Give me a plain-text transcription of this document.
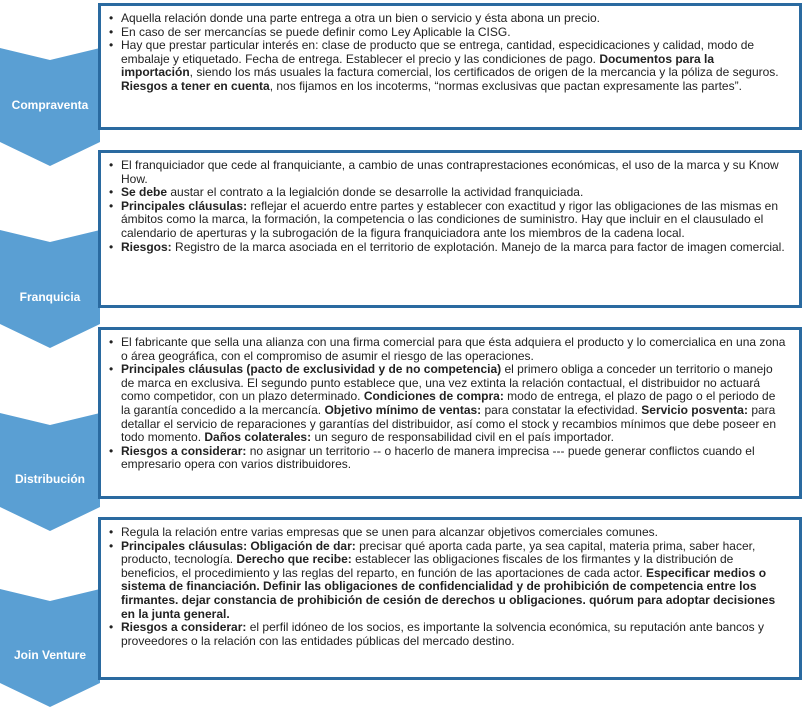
Compraventa
• Aquella relación donde una parte entrega a otra un bien o servicio y ésta abona un precio.
• En caso de ser mercancías se puede definir como Ley Aplicable la CISG.
• Hay que prestar particular interés en: clase de producto que se entrega, cantidad, especidicaciones y calidad, modo de embalaje y etiquetado. Fecha de entrega. Establecer el precio y las condiciones de pago. Documentos para la importación, siendo los más usuales la factura comercial, los certificados de origen de la mercancia y la póliza de seguros. Riesgos a tener en cuenta, nos fijamos en los incoterms, “normas exclusivas que pactan expresamente las partes”.
Franquicia
• El franquiciador que cede al franquiciante, a cambio de unas contraprestaciones económicas, el uso de la marca y su Know How.
• Se debe austar el contrato a la legialción donde se desarrolle la actividad franquiciada.
• Principales cláusulas: reflejar el acuerdo entre partes y establecer con exactitud y rigor las obligaciones de las mismas en ámbitos como la marca, la formación, la competencia o las condiciones de suministro. Hay que incluir en el clausulado el calendario de aperturas y la subrogación de la figura franquiciadora ante los miembros de la cadena local.
• Riesgos: Registro de la marca asociada en el territorio de explotación. Manejo de la marca para factor de imagen comercial.
Distribución
• El fabricante que sella una alianza con una firma comercial para que ésta adquiera el producto y lo comercialica en una zona o área geográfica, con el compromiso de asumir el riesgo de las operaciones.
• Principales cláusulas (pacto de exclusividad y de no competencia) el primero obliga a conceder un territorio o manejo de marca en exclusiva. El segundo punto establece que, una vez extinta la relación contactual, el distribuidor no actuará como competidor, con un plazo determinado. Condiciones de compra: modo de entrega, el plazo de pago o el periodo de la garantía concedido a la mercancía. Objetivo mínimo de ventas: para constatar la efectividad. Servicio posventa: para detallar el servicio de reparaciones y garantías del distribuidor, así como el stock y recambios mínimos que debe poseer en todo momento. Daños colaterales: un seguro de responsabilidad civil en el país importador.
• Riesgos a considerar: no asignar un territorio -- o hacerlo de manera imprecisa --- puede generar conflictos cuando el empresario opera con varios distribuidores.
Join Venture
• Regula la relación entre varias empresas que se unen para alcanzar objetivos comerciales comunes.
• Principales cláusulas: Obligación de dar: precisar qué aporta cada parte, ya sea capital, materia prima, saber hacer, producto, tecnología. Derecho que recibe: establecer las obligaciones fiscales de los firmantes y la distribución de beneficios, el procedimiento y las reglas del reparto, en función de las aportaciones de cada actor. Especificar medios o sistema de financiación. Definir las obligaciones de confidencialidad y de prohibición de competencia entre los firmantes. dejar constancia de prohibición de cesión de derechos u obligaciones. quórum para adoptar decisiones en la junta general.
• Riesgos a considerar: el perfil idóneo de los socios, es importante la solvencia económica, su reputación ante bancos y proveedores o la relación con las entidades públicas del mercado destino.
